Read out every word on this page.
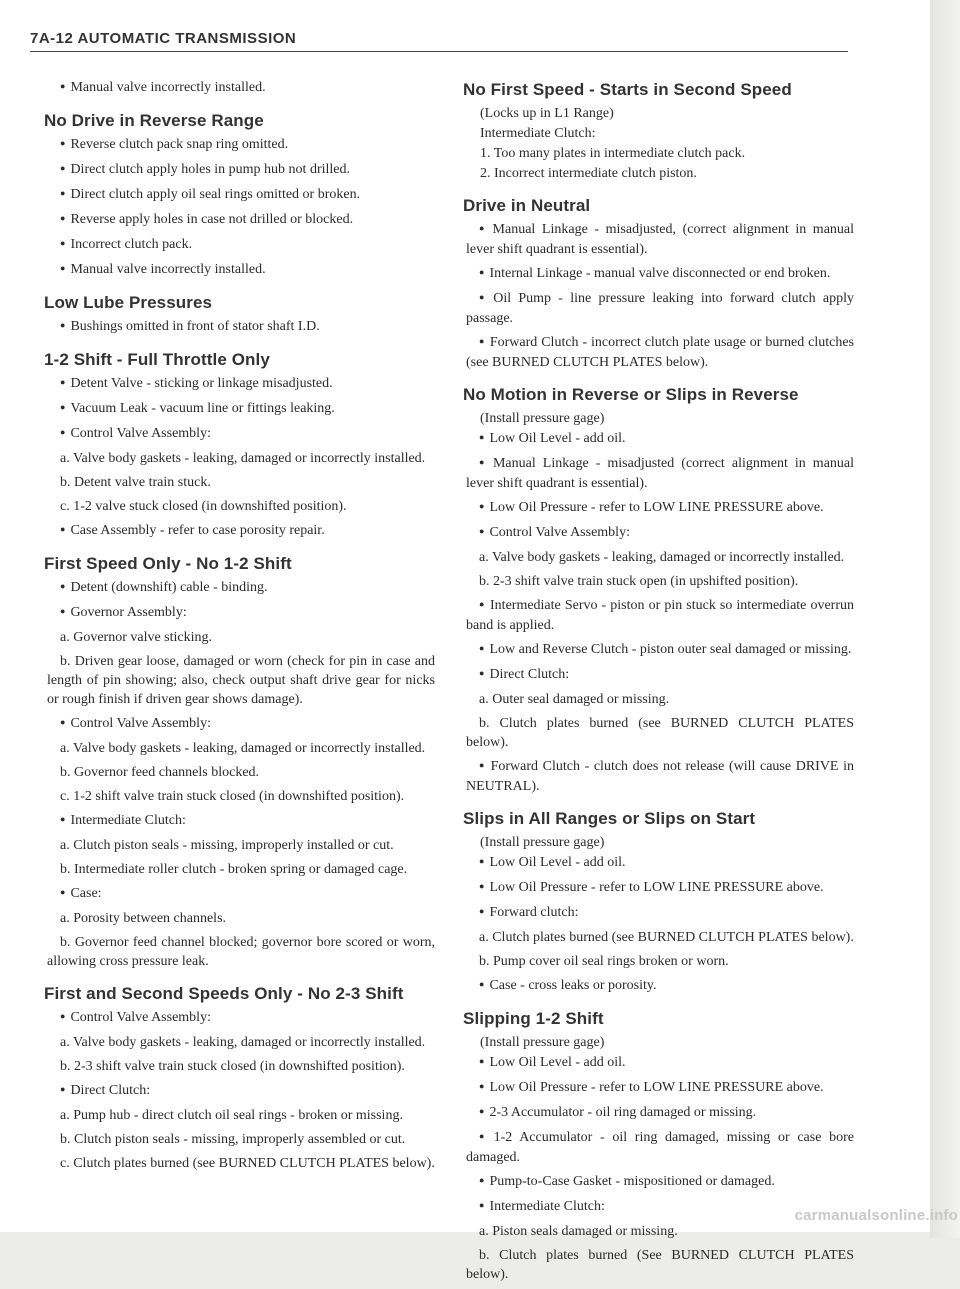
7A-12 AUTOMATIC TRANSMISSION
● Manual valve incorrectly installed.
No Drive in Reverse Range
● Reverse clutch pack snap ring omitted.
● Direct clutch apply holes in pump hub not drilled.
● Direct clutch apply oil seal rings omitted or broken.
● Reverse apply holes in case not drilled or blocked.
● Incorrect clutch pack.
● Manual valve incorrectly installed.
Low Lube Pressures
● Bushings omitted in front of stator shaft I.D.
1-2 Shift - Full Throttle Only
● Detent Valve - sticking or linkage misadjusted.
● Vacuum Leak - vacuum line or fittings leaking.
● Control Valve Assembly:
a. Valve body gaskets - leaking, damaged or incorrectly installed.
b. Detent valve train stuck.
c. 1-2 valve stuck closed (in downshifted position).
● Case Assembly - refer to case porosity repair.
First Speed Only - No 1-2 Shift
● Detent (downshift) cable - binding.
● Governor Assembly:
a. Governor valve sticking.
b. Driven gear loose, damaged or worn (check for pin in case and length of pin showing; also, check output shaft drive gear for nicks or rough finish if driven gear shows damage).
● Control Valve Assembly:
a. Valve body gaskets - leaking, damaged or incorrectly installed.
b. Governor feed channels blocked.
c. 1-2 shift valve train stuck closed (in downshifted position).
● Intermediate Clutch:
a. Clutch piston seals - missing, improperly installed or cut.
b. Intermediate roller clutch - broken spring or damaged cage.
● Case:
a. Porosity between channels.
b. Governor feed channel blocked; governor bore scored or worn, allowing cross pressure leak.
First and Second Speeds Only - No 2-3 Shift
● Control Valve Assembly:
a. Valve body gaskets - leaking, damaged or incorrectly installed.
b. 2-3 shift valve train stuck closed (in downshifted position).
● Direct Clutch:
a. Pump hub - direct clutch oil seal rings - broken or missing.
b. Clutch piston seals - missing, improperly assembled or cut.
c. Clutch plates burned (see BURNED CLUTCH PLATES below).
No First Speed - Starts in Second Speed
(Locks up in L1 Range)
Intermediate Clutch:
1. Too many plates in intermediate clutch pack.
2. Incorrect intermediate clutch piston.
Drive in Neutral
● Manual Linkage - misadjusted, (correct alignment in manual lever shift quadrant is essential).
● Internal Linkage - manual valve disconnected or end broken.
● Oil Pump - line pressure leaking into forward clutch apply passage.
● Forward Clutch - incorrect clutch plate usage or burned clutches (see BURNED CLUTCH PLATES below).
No Motion in Reverse or Slips in Reverse
(Install pressure gage)
● Low Oil Level - add oil.
● Manual Linkage - misadjusted (correct alignment in manual lever shift quadrant is essential).
● Low Oil Pressure - refer to LOW LINE PRESSURE above.
● Control Valve Assembly:
a. Valve body gaskets - leaking, damaged or incorrectly installed.
b. 2-3 shift valve train stuck open (in upshifted position).
● Intermediate Servo - piston or pin stuck so intermediate overrun band is applied.
● Low and Reverse Clutch - piston outer seal damaged or missing.
● Direct Clutch:
a. Outer seal damaged or missing.
b. Clutch plates burned (see BURNED CLUTCH PLATES below).
● Forward Clutch - clutch does not release (will cause DRIVE in NEUTRAL).
Slips in All Ranges or Slips on Start
(Install pressure gage)
● Low Oil Level - add oil.
● Low Oil Pressure - refer to LOW LINE PRESSURE above.
● Forward clutch:
a. Clutch plates burned (see BURNED CLUTCH PLATES below).
b. Pump cover oil seal rings broken or worn.
● Case - cross leaks or porosity.
Slipping 1-2 Shift
(Install pressure gage)
● Low Oil Level - add oil.
● Low Oil Pressure - refer to LOW LINE PRESSURE above.
● 2-3 Accumulator - oil ring damaged or missing.
● 1-2 Accumulator - oil ring damaged, missing or case bore damaged.
● Pump-to-Case Gasket - mispositioned or damaged.
● Intermediate Clutch:
a. Piston seals damaged or missing.
b. Clutch plates burned (See BURNED CLUTCH PLATES below).
carmanualsonline.info
